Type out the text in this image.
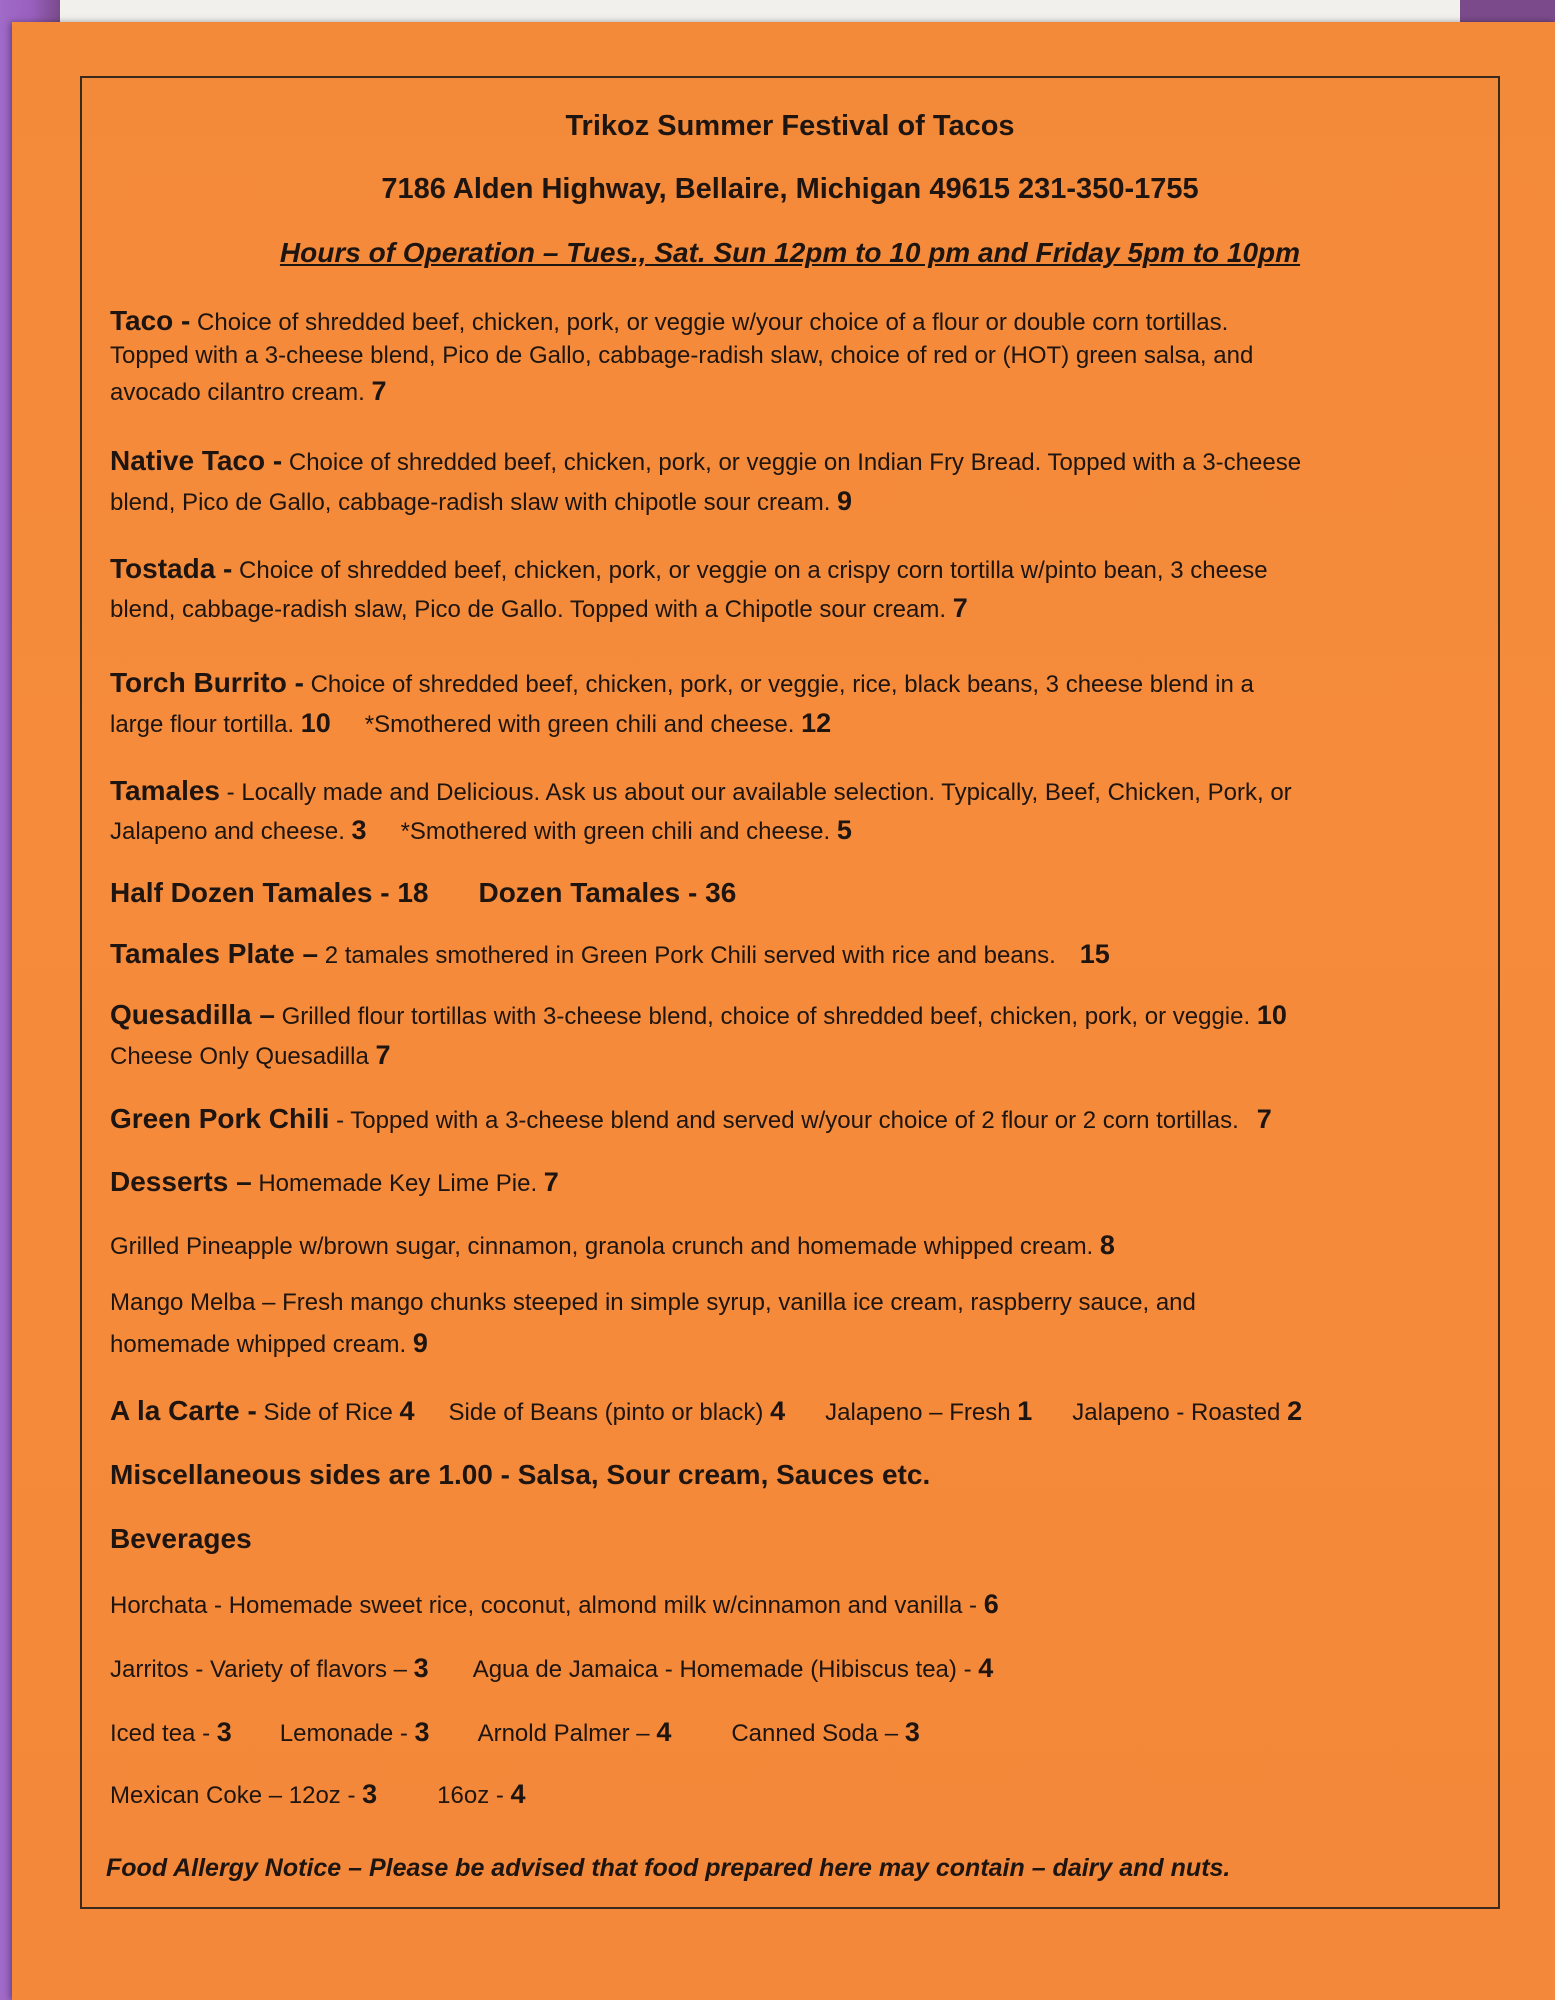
Trikoz Summer Festival of Tacos
7186 Alden Highway, Bellaire, Michigan 49615 231-350-1755
Hours of Operation – Tues., Sat. Sun 12pm to 10 pm and Friday 5pm to 10pm
Taco - Choice of shredded beef, chicken, pork, or veggie w/your choice of a flour or double corn tortillas.
Topped with a 3-cheese blend, Pico de Gallo, cabbage-radish slaw, choice of red or (HOT) green salsa, and
avocado cilantro cream. 7
Native Taco - Choice of shredded beef, chicken, pork, or veggie on Indian Fry Bread. Topped with a 3-cheese
blend, Pico de Gallo, cabbage-radish slaw with chipotle sour cream. 9
Tostada - Choice of shredded beef, chicken, pork, or veggie on a crispy corn tortilla w/pinto bean, 3 cheese
blend, cabbage-radish slaw, Pico de Gallo. Topped with a Chipotle sour cream. 7
Torch Burrito - Choice of shredded beef, chicken, pork, or veggie, rice, black beans, 3 cheese blend in a
large flour tortilla. 10 *Smothered with green chili and cheese. 12
Tamales - Locally made and Delicious. Ask us about our available selection. Typically, Beef, Chicken, Pork, or
Jalapeno and cheese. 3 *Smothered with green chili and cheese. 5
Half Dozen Tamales - 18 Dozen Tamales - 36
Tamales Plate – 2 tamales smothered in Green Pork Chili served with rice and beans. 15
Quesadilla – Grilled flour tortillas with 3-cheese blend, choice of shredded beef, chicken, pork, or veggie. 10
Cheese Only Quesadilla 7
Green Pork Chili - Topped with a 3-cheese blend and served w/your choice of 2 flour or 2 corn tortillas. 7
Desserts – Homemade Key Lime Pie. 7
Grilled Pineapple w/brown sugar, cinnamon, granola crunch and homemade whipped cream. 8
Mango Melba – Fresh mango chunks steeped in simple syrup, vanilla ice cream, raspberry sauce, and
homemade whipped cream. 9
A la Carte - Side of Rice 4 Side of Beans (pinto or black) 4 Jalapeno – Fresh 1 Jalapeno - Roasted 2
Miscellaneous sides are 1.00 - Salsa, Sour cream, Sauces etc.
Beverages
Horchata - Homemade sweet rice, coconut, almond milk w/cinnamon and vanilla - 6
Jarritos - Variety of flavors – 3 Agua de Jamaica - Homemade (Hibiscus tea) - 4
Iced tea - 3 Lemonade - 3 Arnold Palmer – 4	Canned Soda – 3
Mexican Coke – 12oz - 3	16oz - 4
Food Allergy Notice – Please be advised that food prepared here may contain – dairy and nuts.
